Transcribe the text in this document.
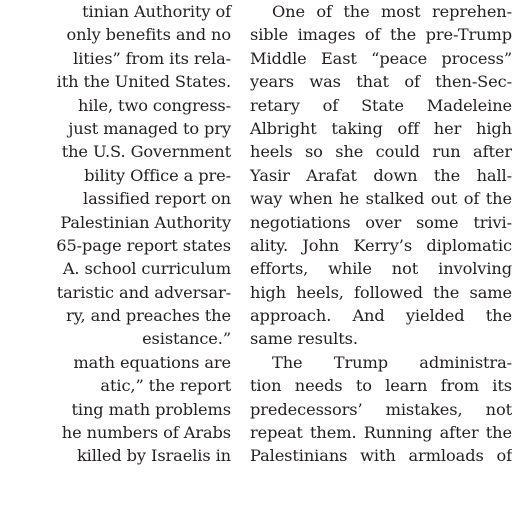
tinian Authority of
only benefits and no
lities” from its rela-
ith the United States.
hile, two congress-
just managed to pry
the U.S. Government
bility Office a pre-
lassified report on
Palestinian Authority
65-page report states
A. school curriculum
taristic and adversar-
ry, and preaches the
esistance.”
math equations are
atic,” the report
ting math problems
he numbers of Arabs
killed by Israelis in
One of the most reprehen-
sible images of the pre-Trump
Middle East “peace process”
years was that of then-Sec-
retary of State Madeleine
Albright taking off her high
heels so she could run after
Yasir Arafat down the hall-
way when he stalked out of the
negotiations over some trivi-
ality. John Kerry’s diplomatic
efforts, while not involving
high heels, followed the same
approach. And yielded the
same results.
The Trump administra-
tion needs to learn from its
predecessors’ mistakes, not
repeat them. Running after the
Palestinians with armloads of
